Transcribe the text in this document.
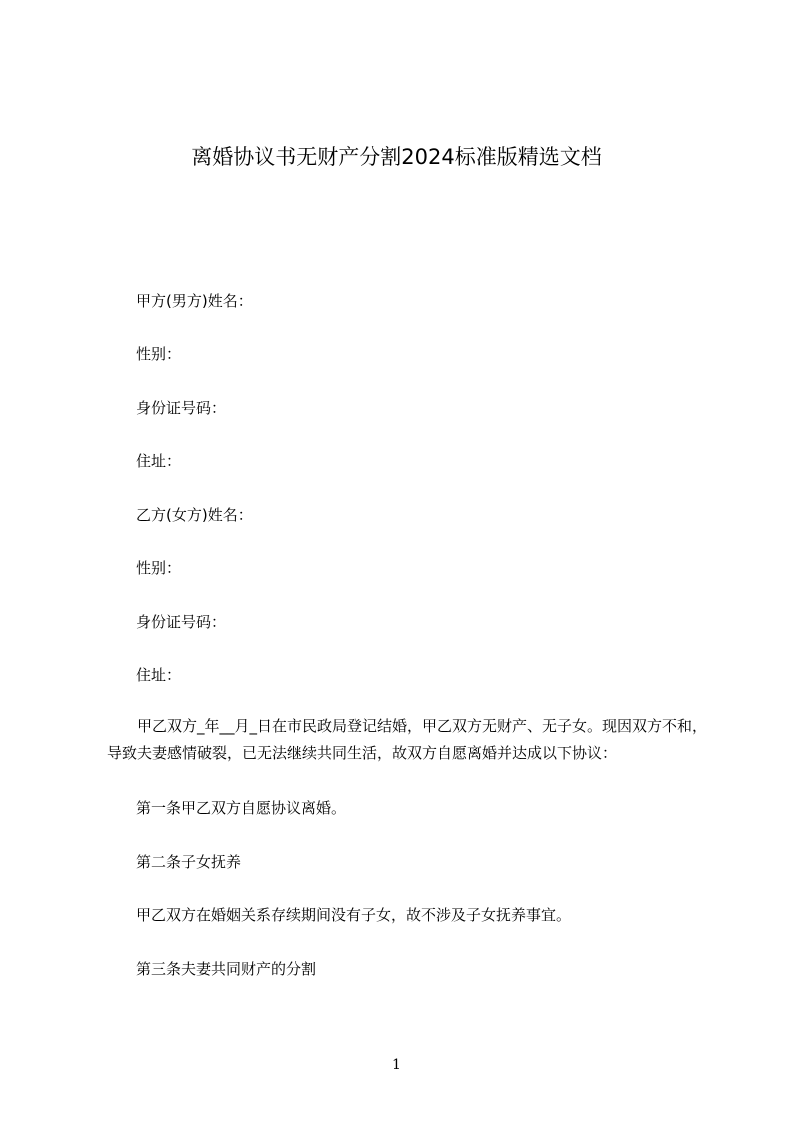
离婚协议书无财产分割2024标准版精选文档
甲方(男方)姓名：
性别：
身份证号码：
住址：
乙方(女方)姓名：
性别：
身份证号码：
住址：
甲乙双方_年__月_日在市民政局登记结婚，甲乙双方无财产、无子女。现因双方不和，导致夫妻感情破裂，已无法继续共同生活，故双方自愿离婚并达成以下协议：
第一条甲乙双方自愿协议离婚。
第二条子女抚养
甲乙双方在婚姻关系存续期间没有子女，故不涉及子女抚养事宜。
第三条夫妻共同财产的分割
1
